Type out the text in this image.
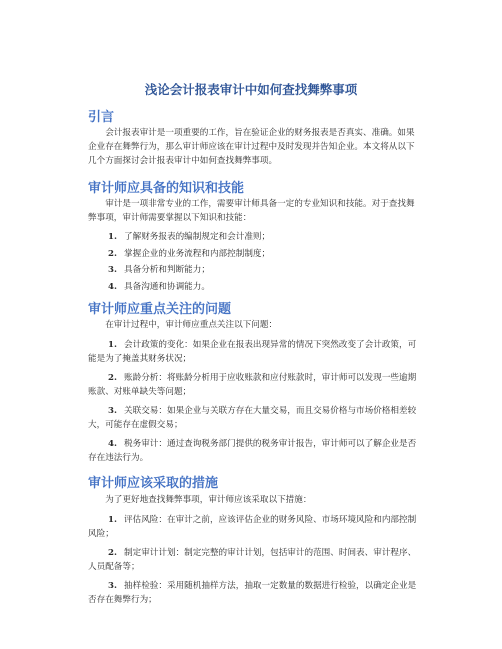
浅论会计报表审计中如何查找舞弊事项
引言
会计报表审计是一项重要的工作，旨在验证企业的财务报表是否真实、准确。如果企业存在舞弊行为，那么审计师应该在审计过程中及时发现并告知企业。本文将从以下几个方面探讨会计报表审计中如何查找舞弊事项。
审计师应具备的知识和技能
审计是一项非常专业的工作，需要审计师具备一定的专业知识和技能。对于查找舞弊事项，审计师需要掌握以下知识和技能：
1. 了解财务报表的编制规定和会计准则；
2. 掌握企业的业务流程和内部控制制度；
3. 具备分析和判断能力；
4. 具备沟通和协调能力。
审计师应重点关注的问题
在审计过程中，审计师应重点关注以下问题：
1. 会计政策的变化：如果企业在报表出现异常的情况下突然改变了会计政策，可能是为了掩盖其财务状况；
2. 账龄分析：将账龄分析用于应收账款和应付账款时，审计师可以发现一些逾期账款、对账单缺失等问题；
3. 关联交易：如果企业与关联方存在大量交易，而且交易价格与市场价格相差较大，可能存在虚假交易；
4. 税务审计：通过查询税务部门提供的税务审计报告，审计师可以了解企业是否存在违法行为。
审计师应该采取的措施
为了更好地查找舞弊事项，审计师应该采取以下措施：
1. 评估风险：在审计之前，应该评估企业的财务风险、市场环境风险和内部控制风险；
2. 制定审计计划：制定完整的审计计划，包括审计的范围、时间表、审计程序、人员配备等；
3. 抽样检验：采用随机抽样方法，抽取一定数量的数据进行检验，以确定企业是否存在舞弊行为；
